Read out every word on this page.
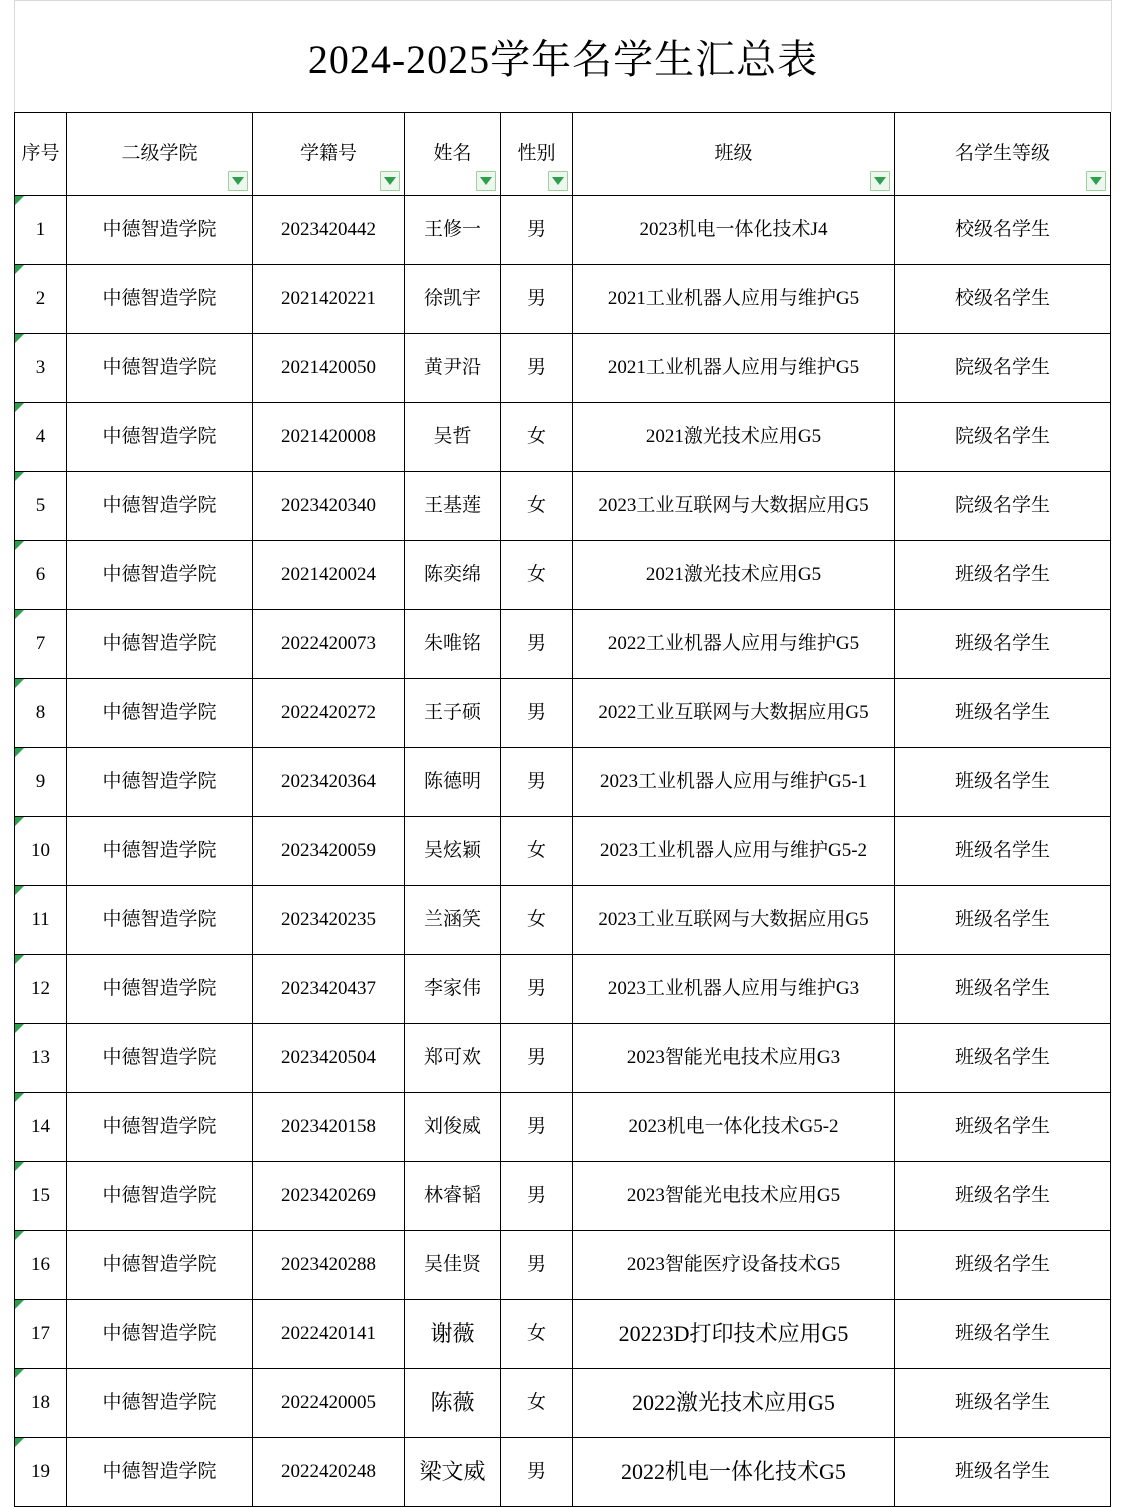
2024-2025学年名学生汇总表
序号	二级学院	学籍号	姓名	性别	班级	名学生等级

1	中德智造学院	2023420442	王修一	男	2023机电一体化技术J4	校级名学生

2	中德智造学院	2021420221	徐凯宇	男	2021工业机器人应用与维护G5	校级名学生

3	中德智造学院	2021420050	黄尹沿	男	2021工业机器人应用与维护G5	院级名学生

4	中德智造学院	2021420008	吴哲	女	2021激光技术应用G5	院级名学生

5	中德智造学院	2023420340	王基莲	女	2023工业互联网与大数据应用G5	院级名学生

6	中德智造学院	2021420024	陈奕绵	女	2021激光技术应用G5	班级名学生

7	中德智造学院	2022420073	朱唯铭	男	2022工业机器人应用与维护G5	班级名学生

8	中德智造学院	2022420272	王子硕	男	2022工业互联网与大数据应用G5	班级名学生

9	中德智造学院	2023420364	陈德明	男	2023工业机器人应用与维护G5-1	班级名学生

10	中德智造学院	2023420059	吴炫颖	女	2023工业机器人应用与维护G5-2	班级名学生

11	中德智造学院	2023420235	兰涵笑	女	2023工业互联网与大数据应用G5	班级名学生

12	中德智造学院	2023420437	李家伟	男	2023工业机器人应用与维护G3	班级名学生

13	中德智造学院	2023420504	郑可欢	男	2023智能光电技术应用G3	班级名学生

14	中德智造学院	2023420158	刘俊威	男	2023机电一体化技术G5-2	班级名学生

15	中德智造学院	2023420269	林睿韬	男	2023智能光电技术应用G5	班级名学生

16	中德智造学院	2023420288	吴佳贤	男	2023智能医疗设备技术G5	班级名学生

17	中德智造学院	2022420141	谢薇	女	20223D打印技术应用G5	班级名学生

18	中德智造学院	2022420005	陈薇	女	2022激光技术应用G5	班级名学生

19	中德智造学院	2022420248	梁文威	男	2022机电一体化技术G5	班级名学生
